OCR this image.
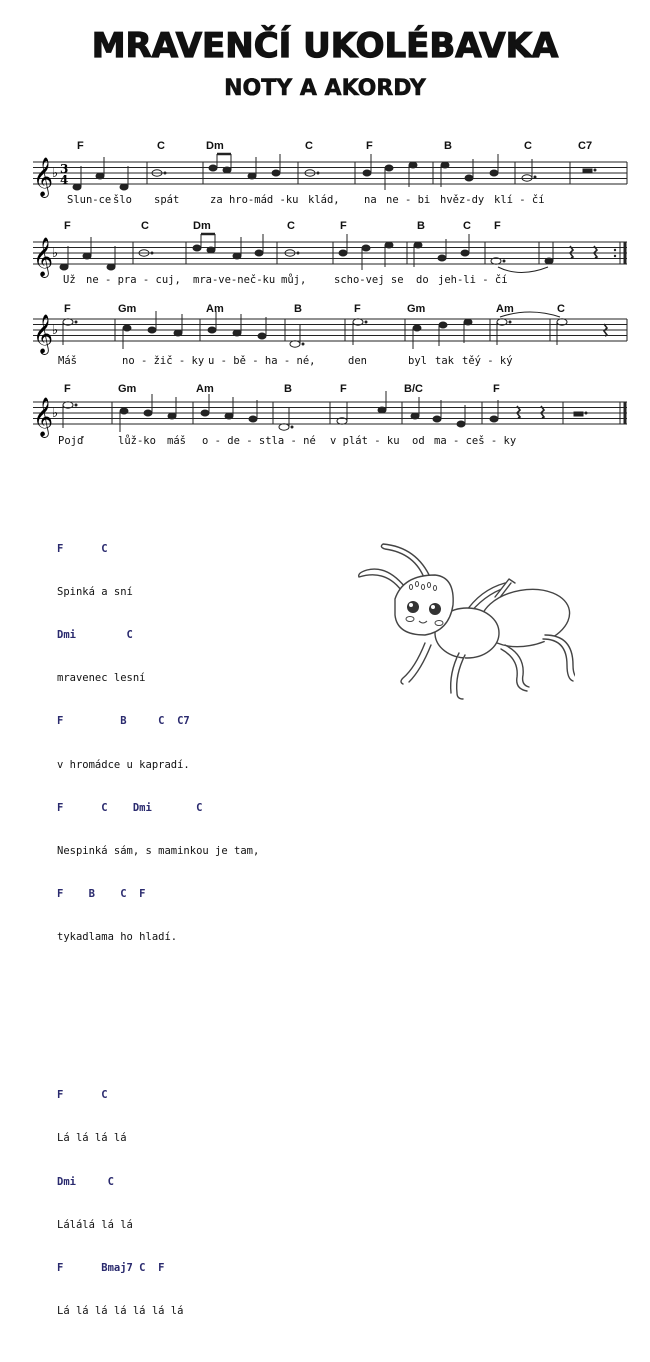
MRAVENČÍ UKOLÉBAVKA
NOTY A AKORDY
𝄞
♭ 3
4
𝄞
♭
𝄞
♭
𝄞
♭
F	C	Dm	C	F	B	C	C7
Slun-ce šlo spát	za hro-mád -ku klád, na ne - bi hvěz-dy klí - čí
F	C	Dm	C	F	B	C F
Už ne - pra - cuj, mra-ve-neč-ku můj,	scho-vej se do jeh-li - čí
F	Gm	Am	B	F	Gm	Am	C
Máš	no - žič - ky u - bě - ha - né,	den	byl tak těý - ký
F	Gm	Am	B	F	B/C	F
Pojď	lůž-ko máš o - de - stla - né v plát - ku od ma - ceš - ky

F      C

Spinká a sní

Dmi        C

mravenec lesní

F         B     C  C7

v hromádce u kapradí.

F      C    Dmi       C

Nespinká sám, s maminkou je tam,

F    B    C  F

tykadlama ho hladí.

F      C

Lá lá lá lá

Dmi     C

Lálálá lá lá

F      Bmaj7 C  F

Lá lá lá lá lá lá lá
